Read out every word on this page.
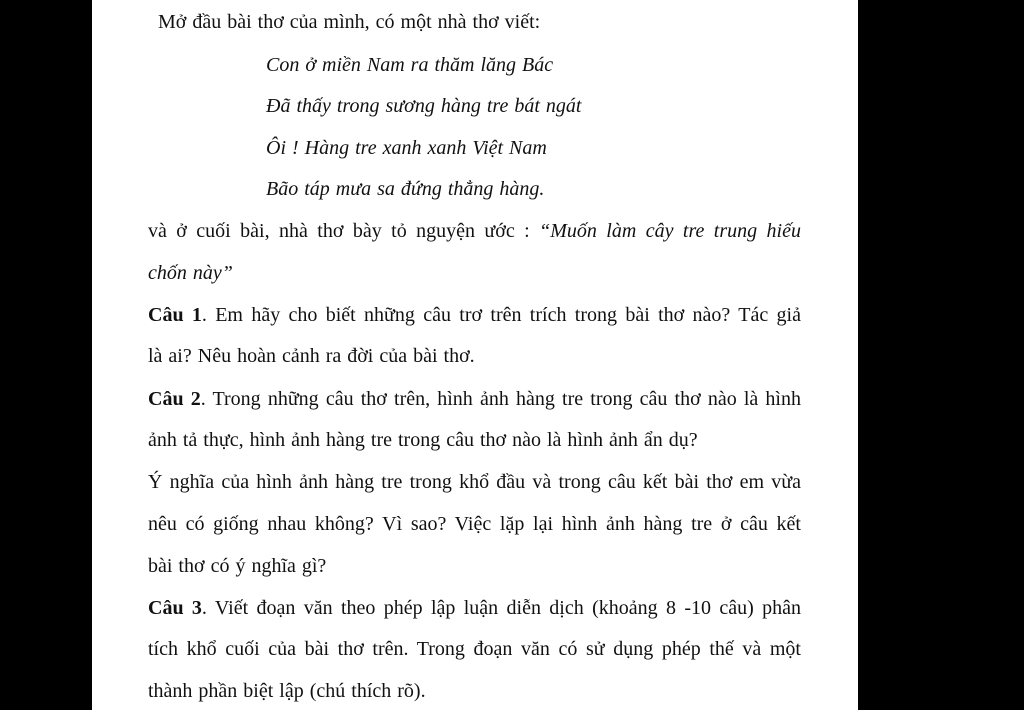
Mở đầu bài thơ của mình, có một nhà thơ viết:
Con ở miền Nam ra thăm lăng Bác
Đã thấy trong sương hàng tre bát ngát
Ôi ! Hàng tre xanh xanh Việt Nam
Bão táp mưa sa đứng thẳng hàng.
và ở cuối bài, nhà thơ bày tỏ nguyện ước : “Muốn làm cây tre trung hiếu
chốn này”
Câu 1. Em hãy cho biết những câu trơ trên trích trong bài thơ nào? Tác giả
là ai? Nêu hoàn cảnh ra đời của bài thơ.
Câu 2. Trong những câu thơ trên, hình ảnh hàng tre trong câu thơ nào là hình
ảnh tả thực, hình ảnh hàng tre trong câu thơ nào là hình ảnh ẩn dụ?
Ý nghĩa của hình ảnh hàng tre trong khổ đầu và trong câu kết bài thơ em vừa
nêu có giống nhau không? Vì sao? Việc lặp lại hình ảnh hàng tre ở câu kết
bài thơ có ý nghĩa gì?
Câu 3. Viết đoạn văn theo phép lập luận diễn dịch (khoảng 8 -10 câu) phân
tích khổ cuối của bài thơ trên. Trong đoạn văn có sử dụng phép thế và một
thành phần biệt lập (chú thích rõ).
